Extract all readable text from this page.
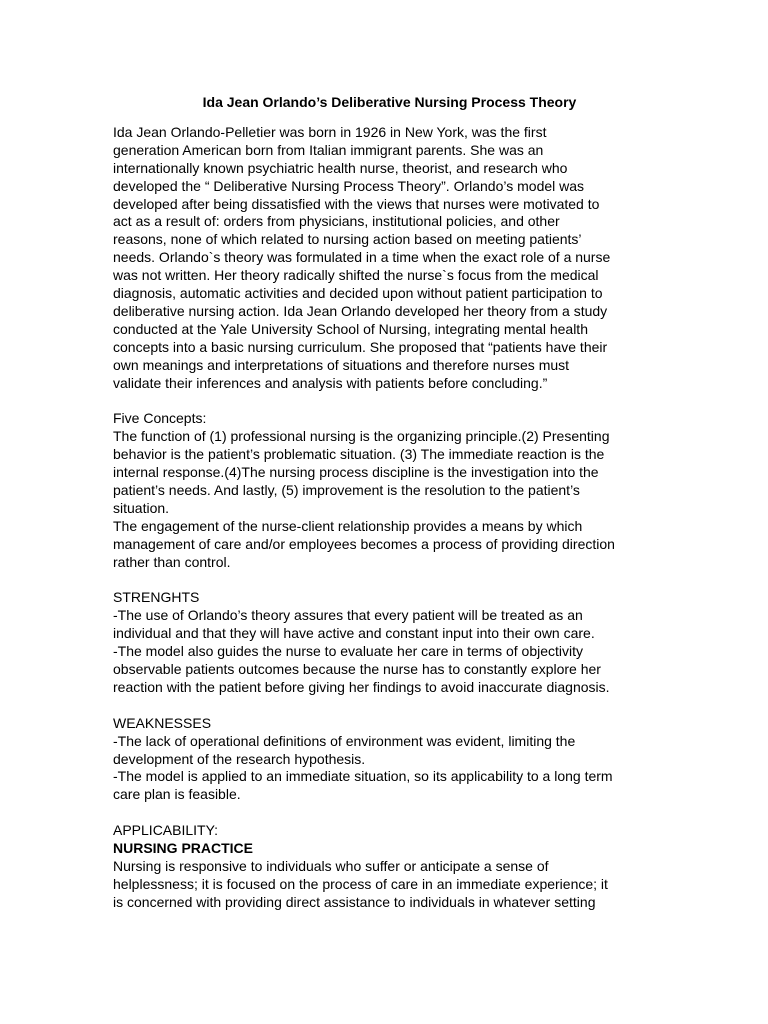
Ida Jean Orlando’s Deliberative Nursing Process Theory

Ida Jean Orlando-Pelletier was born in 1926 in New York, was the first
generation American born from Italian immigrant parents. She was an
internationally known psychiatric health nurse, theorist, and research who
developed the “ Deliberative Nursing Process Theory”. Orlando’s model was
developed after being dissatisfied with the views that nurses were motivated to
act as a result of: orders from physicians, institutional policies, and other
reasons, none of which related to nursing action based on meeting patients’
needs. Orlando`s theory was formulated in a time when the exact role of a nurse
was not written. Her theory radically shifted the nurse`s focus from the medical
diagnosis, automatic activities and decided upon without patient participation to
deliberative nursing action. Ida Jean Orlando developed her theory from a study
conducted at the Yale University School of Nursing, integrating mental health
concepts into a basic nursing curriculum. She proposed that “patients have their
own meanings and interpretations of situations and therefore nurses must
validate their inferences and analysis with patients before concluding.”

Five Concepts:

The function of (1) professional nursing is the organizing principle.(2) Presenting
behavior is the patient’s problematic situation. (3) The immediate reaction is the
internal response.(4)The nursing process discipline is the investigation into the
patient’s needs. And lastly, (5) improvement is the resolution to the patient’s
situation.
The engagement of the nurse-client relationship provides a means by which
management of care and/or employees becomes a process of providing direction
rather than control.

STRENGHTS

-The use of Orlando’s theory assures that every patient will be treated as an
individual and that they will have active and constant input into their own care.
-The model also guides the nurse to evaluate her care in terms of objectivity
observable patients outcomes because the nurse has to constantly explore her
reaction with the patient before giving her findings to avoid inaccurate diagnosis.

WEAKNESSES

-The lack of operational definitions of environment was evident, limiting the
development of the research hypothesis.
-The model is applied to an immediate situation, so its applicability to a long term
care plan is feasible.

APPLICABILITY:

NURSING PRACTICE

Nursing is responsive to individuals who suffer or anticipate a sense of
helplessness; it is focused on the process of care in an immediate experience; it
is concerned with providing direct assistance to individuals in whatever setting
